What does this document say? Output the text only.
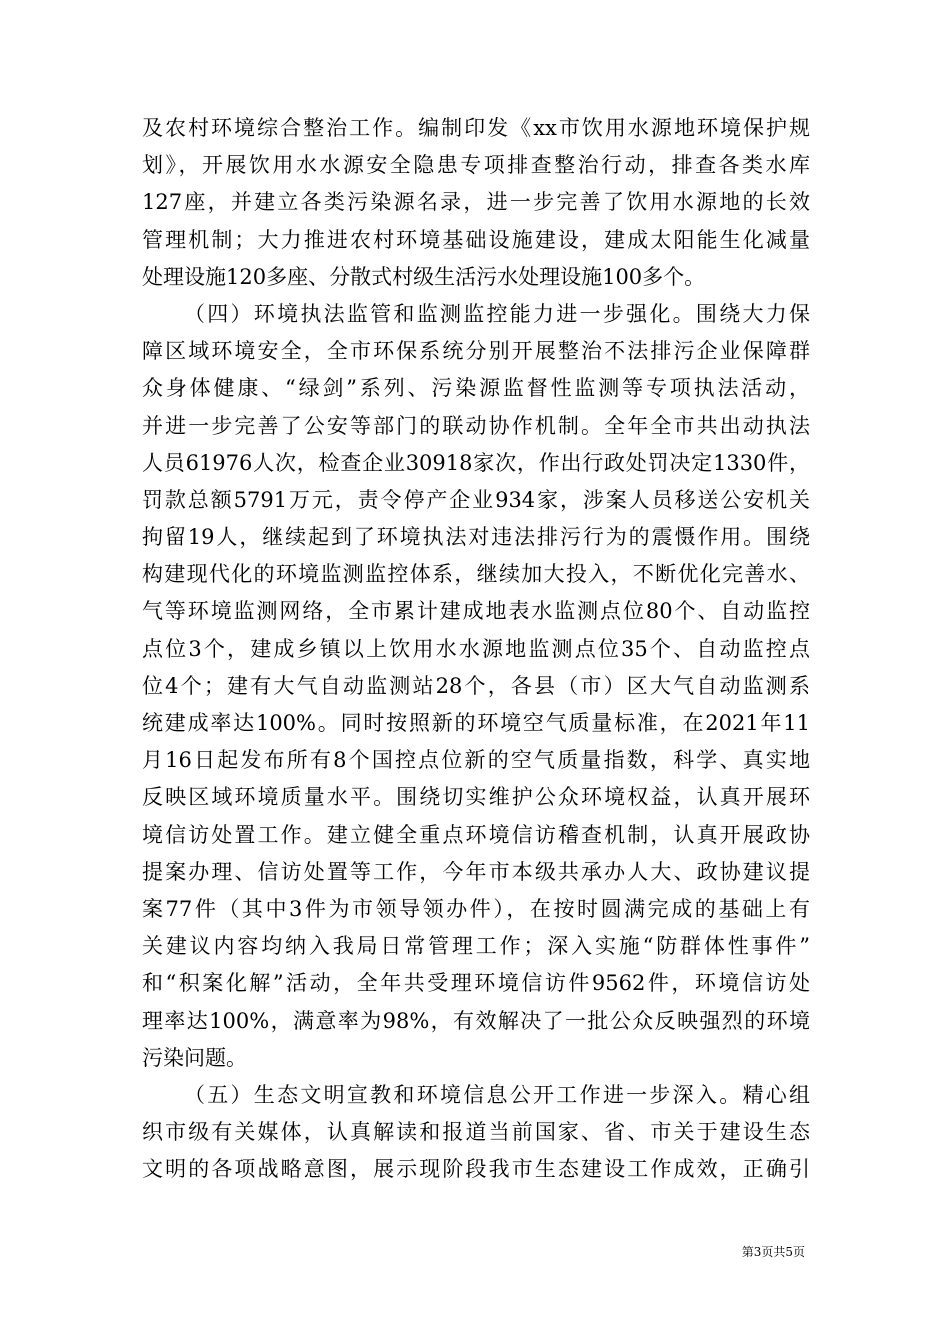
及农村环境综合整治工作。编制印发《xx市饮用水源地环境保护规
划》，开展饮用水水源安全隐患专项排查整治行动，排查各类水库
127座，并建立各类污染源名录，进一步完善了饮用水源地的长效
管理机制；大力推进农村环境基础设施建设，建成太阳能生化减量
处理设施120多座、分散式村级生活污水处理设施100多个。
（四）环境执法监管和监测监控能力进一步强化。围绕大力保
障区域环境安全，全市环保系统分别开展整治不法排污企业保障群
众身体健康、“绿剑”系列、污染源监督性监测等专项执法活动，
并进一步完善了公安等部门的联动协作机制。全年全市共出动执法
人员61976人次，检查企业30918家次，作出行政处罚决定1330件，
罚款总额5791万元，责令停产企业934家，涉案人员移送公安机关
拘留19人，继续起到了环境执法对违法排污行为的震慑作用。围绕
构建现代化的环境监测监控体系，继续加大投入，不断优化完善水、
气等环境监测网络，全市累计建成地表水监测点位80个、自动监控
点位3个，建成乡镇以上饮用水水源地监测点位35个、自动监控点
位4个；建有大气自动监测站28个，各县（市）区大气自动监测系
统建成率达100%。同时按照新的环境空气质量标准，在2021年11
月16日起发布所有8个国控点位新的空气质量指数，科学、真实地
反映区域环境质量水平。围绕切实维护公众环境权益，认真开展环
境信访处置工作。建立健全重点环境信访稽查机制，认真开展政协
提案办理、信访处置等工作，今年市本级共承办人大、政协建议提
案77件（其中3件为市领导领办件），在按时圆满完成的基础上有
关建议内容均纳入我局日常管理工作；深入实施“防群体性事件”
和“积案化解”活动，全年共受理环境信访件9562件，环境信访处
理率达100%，满意率为98%，有效解决了一批公众反映强烈的环境
污染问题。
（五）生态文明宣教和环境信息公开工作进一步深入。精心组
织市级有关媒体，认真解读和报道当前国家、省、市关于建设生态
文明的各项战略意图，展示现阶段我市生态建设工作成效，正确引
第3页共5页
